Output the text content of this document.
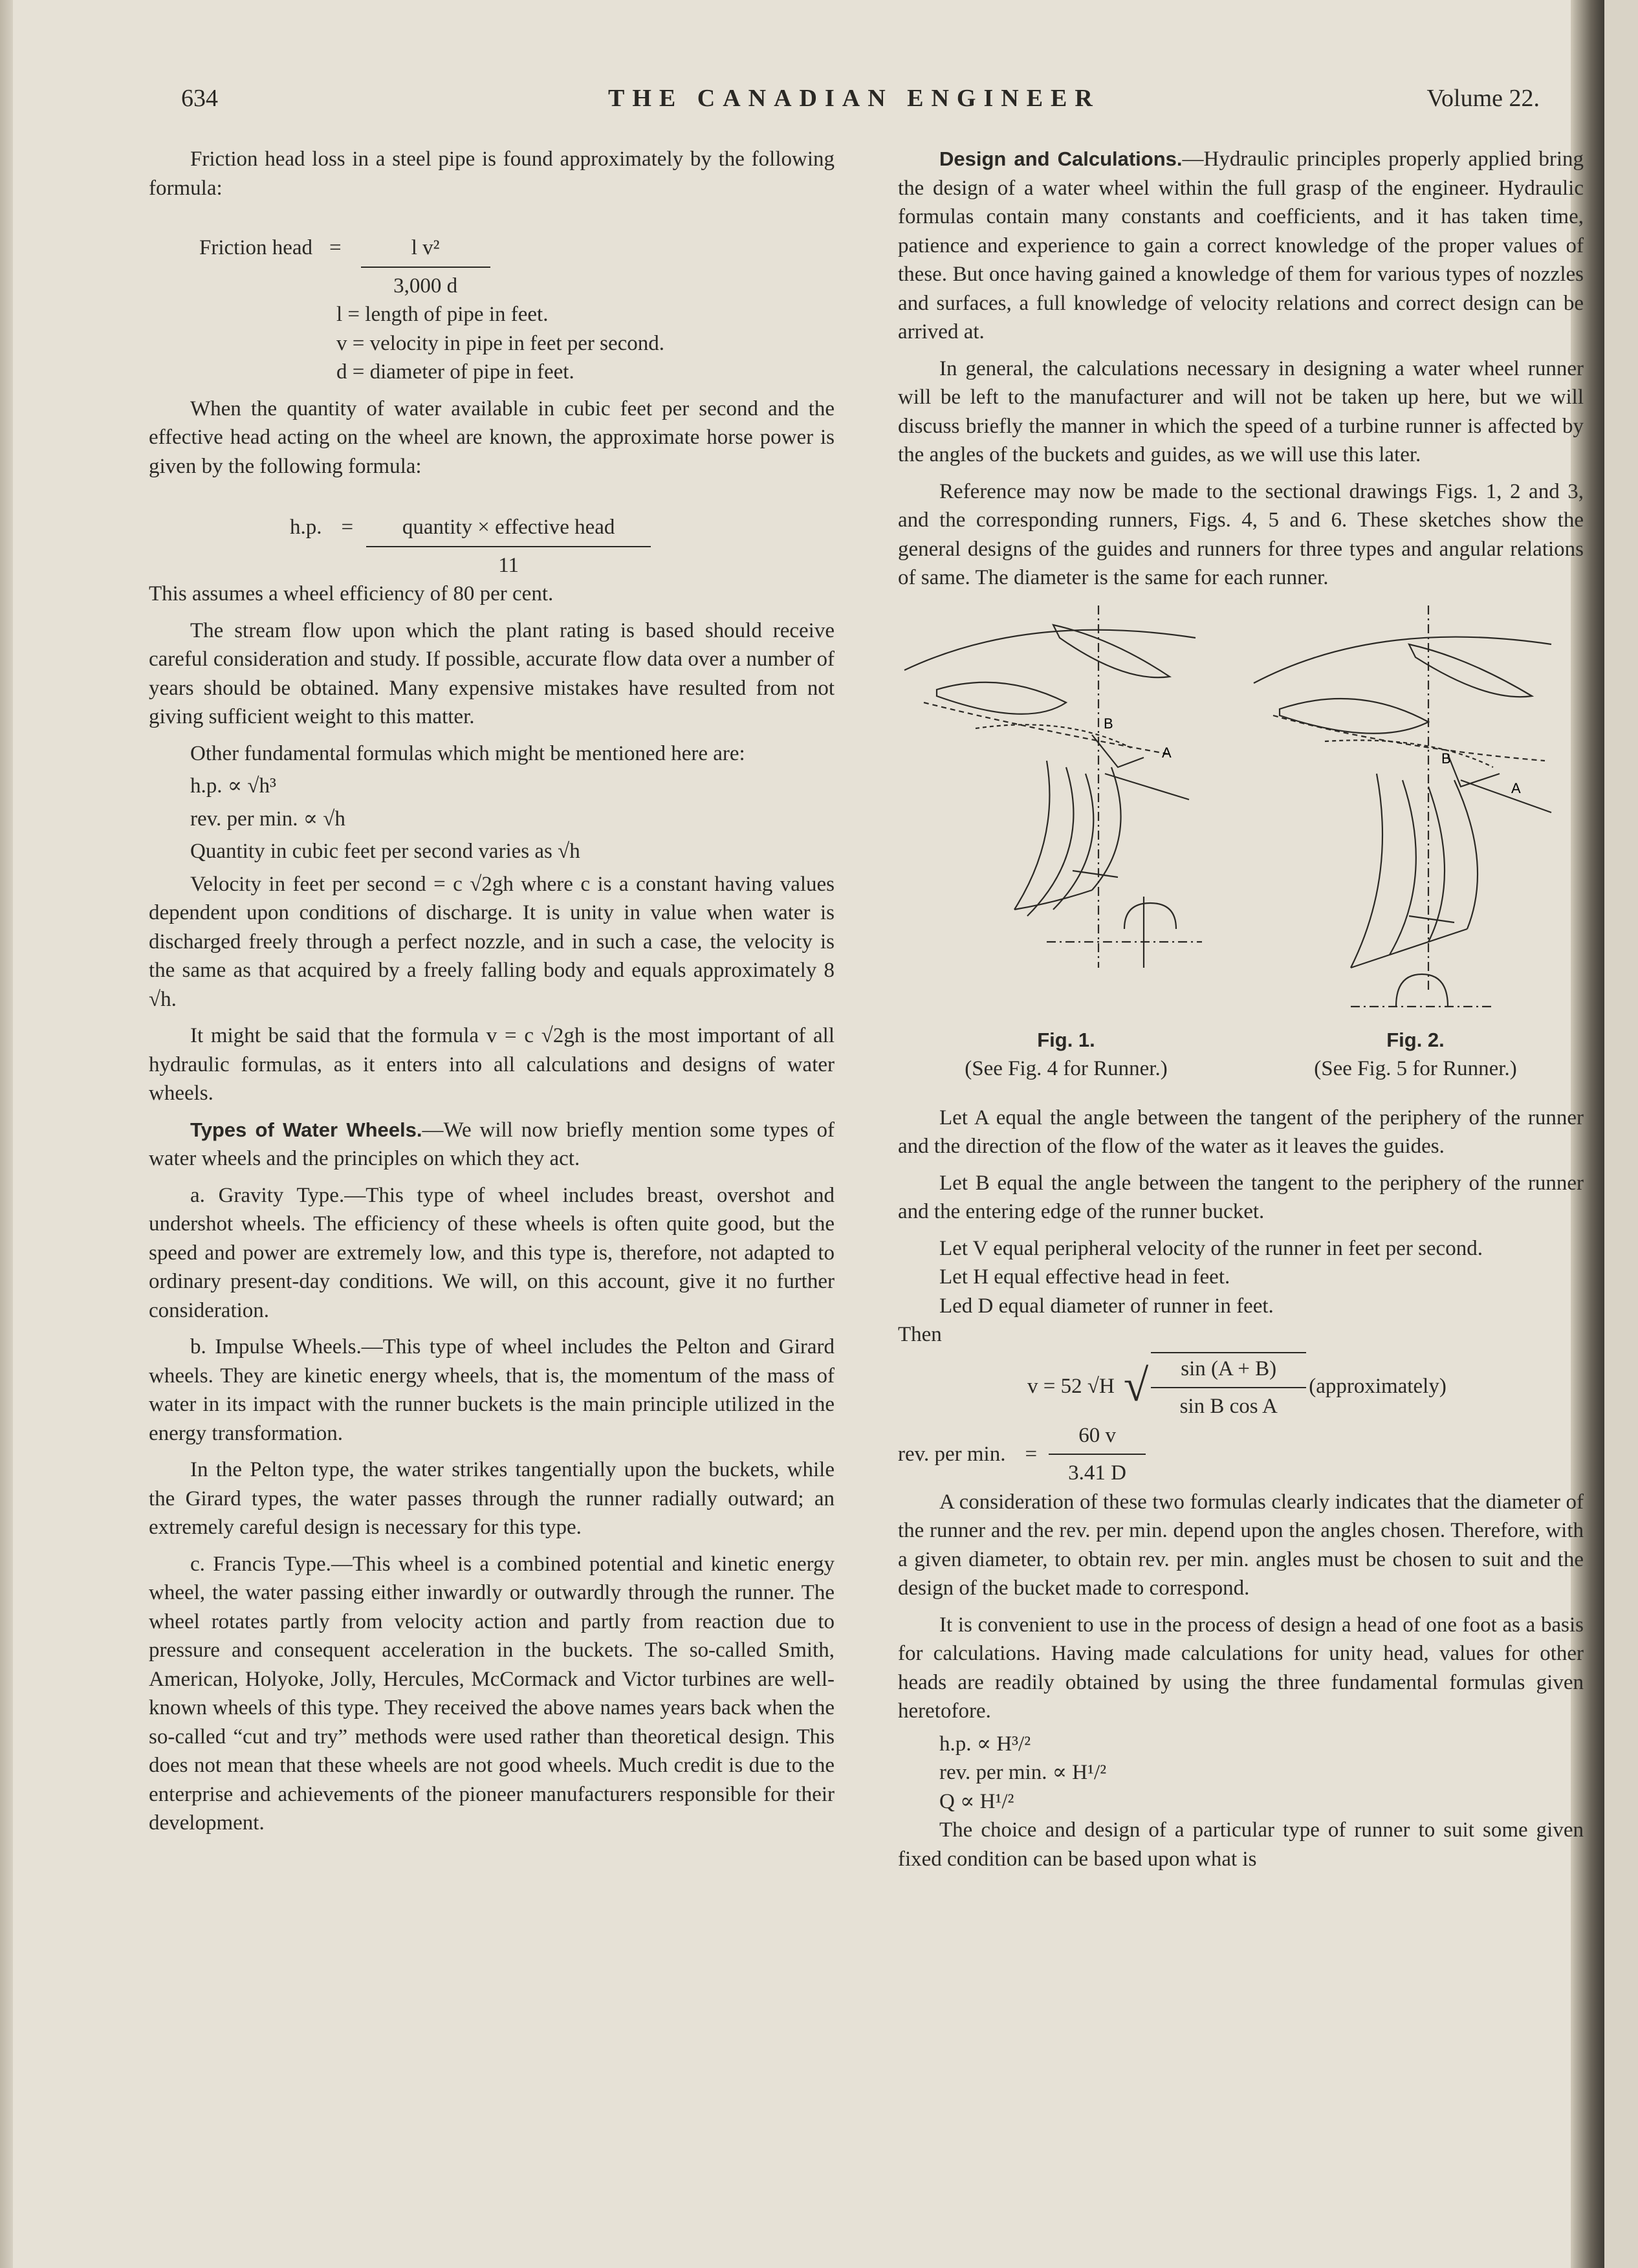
634	THE CANADIAN ENGINEER	Volume 22.

Friction head loss in a steel pipe is found approximately by the following formula:

Friction head = $\frac{\text{l v²}}{3,000 d}$
l = length of pipe in feet.
v = velocity in pipe in feet per second.
d = diameter of pipe in feet.

When the quantity of water available in cubic feet per second and the effective head acting on the wheel are known, the approximate horse power is given by the following formula:

h.p. = $\frac{\text{quantity × effective head}}{11}$

This assumes a wheel efficiency of 80 per cent.

The stream flow upon which the plant rating is based should receive careful consideration and study. If possible, accurate flow data over a number of years should be obtained. Many expensive mistakes have resulted from not giving sufficient weight to this matter.

Other fundamental formulas which might be mentioned here are:

h.p. ∝ √h³
rev. per min. ∝ √h
Quantity in cubic feet per second varies as √h

Velocity in feet per second = c √2gh where c is a constant having values dependent upon conditions of discharge. It is unity in value when water is discharged freely through a perfect nozzle, and in such a case, the velocity is the same as that acquired by a freely falling body and equals approximately 8 √h.

It might be said that the formula v = c √2gh is the most important of all hydraulic formulas, as it enters into all calculations and designs of water wheels.

Types of Water Wheels.—We will now briefly mention some types of water wheels and the principles on which they act.

a. Gravity Type.—This type of wheel includes breast, overshot and undershot wheels. The efficiency of these wheels is often quite good, but the speed and power are extremely low, and this type is, therefore, not adapted to ordinary present-day conditions. We will, on this account, give it no further consideration.

b. Impulse Wheels.—This type of wheel includes the Pelton and Girard wheels. They are kinetic energy wheels, that is, the momentum of the mass of water in its impact with the runner buckets is the main principle utilized in the energy transformation.

In the Pelton type, the water strikes tangentially upon the buckets, while the Girard types, the water passes through the runner radially outward; an extremely careful design is necessary for this type.

c. Francis Type.—This wheel is a combined potential and kinetic energy wheel, the water passing either inwardly or outwardly through the runner. The wheel rotates partly from velocity action and partly from reaction due to pressure and consequent acceleration in the buckets. The so-called Smith, American, Holyoke, Jolly, Hercules, McCormack and Victor turbines are well-known wheels of this type. They received the above names years back when the so-called “cut and try” methods were used rather than theoretical design. This does not mean that these wheels are not good wheels. Much credit is due to the enterprise and achievements of the pioneer manufacturers responsible for their development.

Design and Calculations.—Hydraulic principles properly applied bring the design of a water wheel within the full grasp of the engineer. Hydraulic formulas contain many constants and coefficients, and it has taken time, patience and experience to gain a correct knowledge of the proper values of these. But once having gained a knowledge of them for various types of nozzles and surfaces, a full knowledge of velocity relations and correct design can be arrived at.

In general, the calculations necessary in designing a water wheel runner will be left to the manufacturer and will not be taken up here, but we will discuss briefly the manner in which the speed of a turbine runner is affected by the angles of the buckets and guides, as we will use this later.

Reference may now be made to the sectional drawings Figs. 1, 2 and 3, and the corresponding runners, Figs. 4, 5 and 6. These sketches show the general designs of the guides and runners for three types and angular relations of same. The diameter is the same for each runner.

B
A
Fig. 1.
(See Fig. 4 for Runner.)
B
A
Fig. 2.
(See Fig. 5 for Runner.)

Let A equal the angle between the tangent of the periphery of the runner and the direction of the flow of the water as it leaves the guides.

Let B equal the angle between the tangent to the periphery of the runner and the entering edge of the runner bucket.

Let V equal peripheral velocity of the runner in feet per second.

Let H equal effective head in feet.

Led D equal diameter of runner in feet.

Then

v = 52 √H √ $\frac{\sin (A + B)}{\text{sin B cos A}}$ (approximately)
rev. per min. = $\frac{60 v}{3.41 D}$

A consideration of these two formulas clearly indicates that the diameter of the runner and the rev. per min. depend upon the angles chosen. Therefore, with a given diameter, to obtain rev. per min. angles must be chosen to suit and the design of the bucket made to correspond.

It is convenient to use in the process of design a head of one foot as a basis for calculations. Having made calculations for unity head, values for other heads are readily obtained by using the three fundamental formulas given heretofore.

h.p. ∝ H³/²
rev. per min. ∝ H¹/²
Q ∝ H¹/²

The choice and design of a particular type of runner to suit some given fixed condition can be based upon what is
